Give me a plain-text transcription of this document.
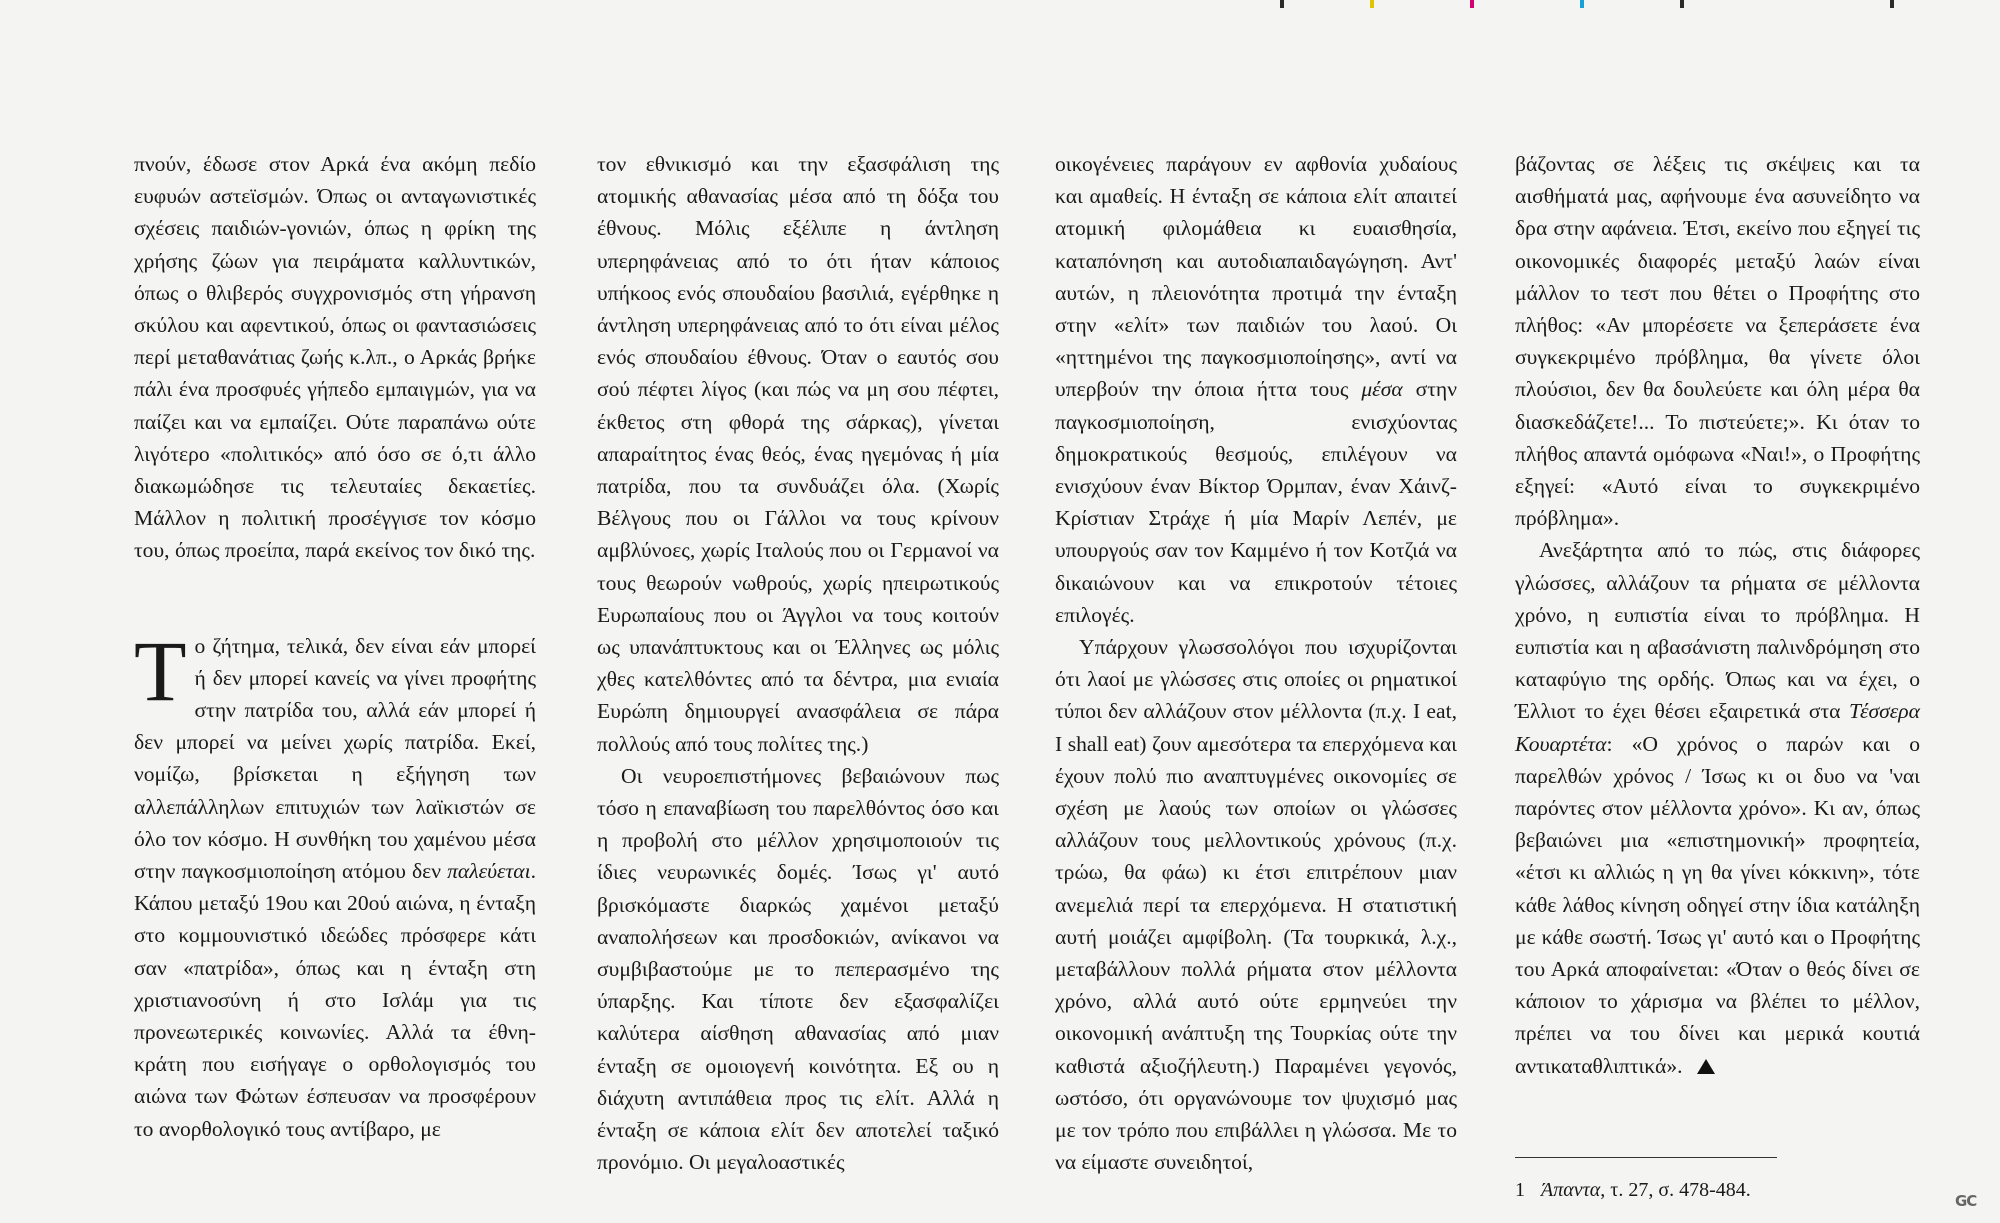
πνούν, έδωσε στον Αρκά ένα ακόμη πεδίο ευφυών αστεϊσμών. Όπως οι ανταγωνιστικές σχέσεις παιδιών-γονιών, όπως η φρίκη της χρήσης ζώων για πειράματα καλλυντικών, όπως ο θλιβερός συγχρονισμός στη γήρανση σκύλου και αφεντικού, όπως οι φαντασιώσεις περί μεταθανάτιας ζωής κ.λπ., ο Αρκάς βρήκε πάλι ένα προσφυές γήπεδο εμπαιγμών, για να παίζει και να εμπαίζει. Ούτε παραπάνω ούτε λιγότερο «πολιτικός» από όσο σε ό,τι άλλο διακωμώδησε τις τελευταίες δεκαετίες. Μάλλον η πολιτική προσέγγισε τον κόσμο του, όπως προείπα, παρά εκείνος τον δικό της.

Το ζήτημα, τελικά, δεν είναι εάν μπορεί ή δεν μπορεί κανείς να γίνει προφήτης στην πατρίδα του, αλλά εάν μπορεί ή δεν μπορεί να μείνει χωρίς πατρίδα. Εκεί, νομίζω, βρίσκεται η εξήγηση των αλλεπάλληλων επιτυχιών των λαϊκιστών σε όλο τον κόσμο. Η συνθήκη του χαμένου μέσα στην παγκοσμιοποίηση ατόμου δεν παλεύεται. Κάπου μεταξύ 19ου και 20ού αιώνα, η ένταξη στο κομμουνιστικό ιδεώδες πρόσφερε κάτι σαν «πατρίδα», όπως και η ένταξη στη χριστιανοσύνη ή στο Ισλάμ για τις προνεωτερικές κοινωνίες. Αλλά τα έθνη-κράτη που εισήγαγε ο ορθολογισμός του αιώνα των Φώτων έσπευσαν να προσφέρουν το ανορθολογικό τους αντίβαρο, με

τον εθνικισμό και την εξασφάλιση της ατομικής αθανασίας μέσα από τη δόξα του έθνους. Μόλις εξέλιπε η άντληση υπερηφάνειας από το ότι ήταν κάποιος υπήκοος ενός σπουδαίου βασιλιά, εγέρθηκε η άντληση υπερηφάνειας από το ότι είναι μέλος ενός σπουδαίου έθνους. Όταν ο εαυτός σου σού πέφτει λίγος (και πώς να μη σου πέφτει, έκθετος στη φθορά της σάρκας), γίνεται απαραίτητος ένας θεός, ένας ηγεμόνας ή μία πατρίδα, που τα συνδυάζει όλα. (Χωρίς Βέλγους που οι Γάλλοι να τους κρίνουν αμβλύνοες, χωρίς Ιταλούς που οι Γερμανοί να τους θεωρούν νωθρούς, χωρίς ηπειρωτικούς Ευρωπαίους που οι Άγγλοι να τους κοιτούν ως υπανάπτυκτους και οι Έλληνες ως μόλις χθες κατελθόντες από τα δέντρα, μια ενιαία Ευρώπη δημιουργεί ανασφάλεια σε πάρα πολλούς από τους πολίτες της.)

Οι νευροεπιστήμονες βεβαιώνουν πως τόσο η επαναβίωση του παρελθόντος όσο και η προβολή στο μέλλον χρησιμοποιούν τις ίδιες νευρωνικές δομές. Ίσως γι' αυτό βρισκόμαστε διαρκώς χαμένοι μεταξύ αναπολήσεων και προσδοκιών, ανίκανοι να συμβιβαστούμε με το πεπερασμένο της ύπαρξης. Και τίποτε δεν εξασφαλίζει καλύτερα αίσθηση αθανασίας από μιαν ένταξη σε ομοιογενή κοινότητα. Εξ ου η διάχυτη αντιπάθεια προς τις ελίτ. Αλλά η ένταξη σε κάποια ελίτ δεν αποτελεί ταξικό προνόμιο. Οι μεγαλοαστικές

οικογένειες παράγουν εν αφθονία χυδαίους και αμαθείς. Η ένταξη σε κάποια ελίτ απαιτεί ατομική φιλομάθεια κι ευαισθησία, καταπόνηση και αυτοδιαπαιδαγώγηση. Αντ' αυτών, η πλειονότητα προτιμά την ένταξη στην «ελίτ» των παιδιών του λαού. Οι «ηττημένοι της παγκοσμιοποίησης», αντί να υπερβούν την όποια ήττα τους μέσα στην παγκοσμιοποίηση, ενισχύοντας δημοκρατικούς θεσμούς, επιλέγουν να ενισχύουν έναν Βίκτορ Όρμπαν, έναν Χάινζ-Κρίστιαν Στράχε ή μία Μαρίν Λεπέν, με υπουργούς σαν τον Καμμένο ή τον Κοτζιά να δικαιώνουν και να επικροτούν τέτοιες επιλογές.

Υπάρχουν γλωσσολόγοι που ισχυρίζονται ότι λαοί με γλώσσες στις οποίες οι ρηματικοί τύποι δεν αλλάζουν στον μέλλοντα (π.χ. I eat, I shall eat) ζουν αμεσότερα τα επερχόμενα και έχουν πολύ πιο αναπτυγμένες οικονομίες σε σχέση με λαούς των οποίων οι γλώσσες αλλάζουν τους μελλοντικούς χρόνους (π.χ. τρώω, θα φάω) κι έτσι επιτρέπουν μιαν ανεμελιά περί τα επερχόμενα. Η στατιστική αυτή μοιάζει αμφίβολη. (Τα τουρκικά, λ.χ., μεταβάλλουν πολλά ρήματα στον μέλλοντα χρόνο, αλλά αυτό ούτε ερμηνεύει την οικονομική ανάπτυξη της Τουρκίας ούτε την καθιστά αξιοζήλευτη.) Παραμένει γεγονός, ωστόσο, ότι οργανώνουμε τον ψυχισμό μας με τον τρόπο που επιβάλλει η γλώσσα. Με το να είμαστε συνειδητοί,

βάζοντας σε λέξεις τις σκέψεις και τα αισθήματά μας, αφήνουμε ένα ασυνείδητο να δρα στην αφάνεια. Έτσι, εκείνο που εξηγεί τις οικονομικές διαφορές μεταξύ λαών είναι μάλλον το τεστ που θέτει ο Προφήτης στο πλήθος: «Αν μπορέσετε να ξεπεράσετε ένα συγκεκριμένο πρόβλημα, θα γίνετε όλοι πλούσιοι, δεν θα δουλεύετε και όλη μέρα θα διασκεδάζετε!... Το πιστεύετε;». Κι όταν το πλήθος απαντά ομόφωνα «Ναι!», ο Προφήτης εξηγεί: «Αυτό είναι το συγκεκριμένο πρόβλημα».

Ανεξάρτητα από το πώς, στις διάφορες γλώσσες, αλλάζουν τα ρήματα σε μέλλοντα χρόνο, η ευπιστία είναι το πρόβλημα. Η ευπιστία και η αβασάνιστη παλινδρόμηση στο καταφύγιο της ορδής. Όπως και να έχει, ο Έλλιοτ το έχει θέσει εξαιρετικά στα Τέσσερα Κουαρτέτα: «Ο χρόνος ο παρών και ο παρελθών χρόνος / Ίσως κι οι δυο να 'ναι παρόντες στον μέλλοντα χρόνο». Κι αν, όπως βεβαιώνει μια «επιστημονική» προφητεία, «έτσι κι αλλιώς η γη θα γίνει κόκκινη», τότε κάθε λάθος κίνηση οδηγεί στην ίδια κατάληξη με κάθε σωστή. Ίσως γι' αυτό και ο Προφήτης του Αρκά αποφαίνεται: «Όταν ο θεός δίνει σε κάποιον το χάρισμα να βλέπει το μέλλον, πρέπει να του δίνει και μερικά κουτιά αντικαταθλιπτικά».

1 Άπαντα, τ. 27, σ. 478-484.	GC
